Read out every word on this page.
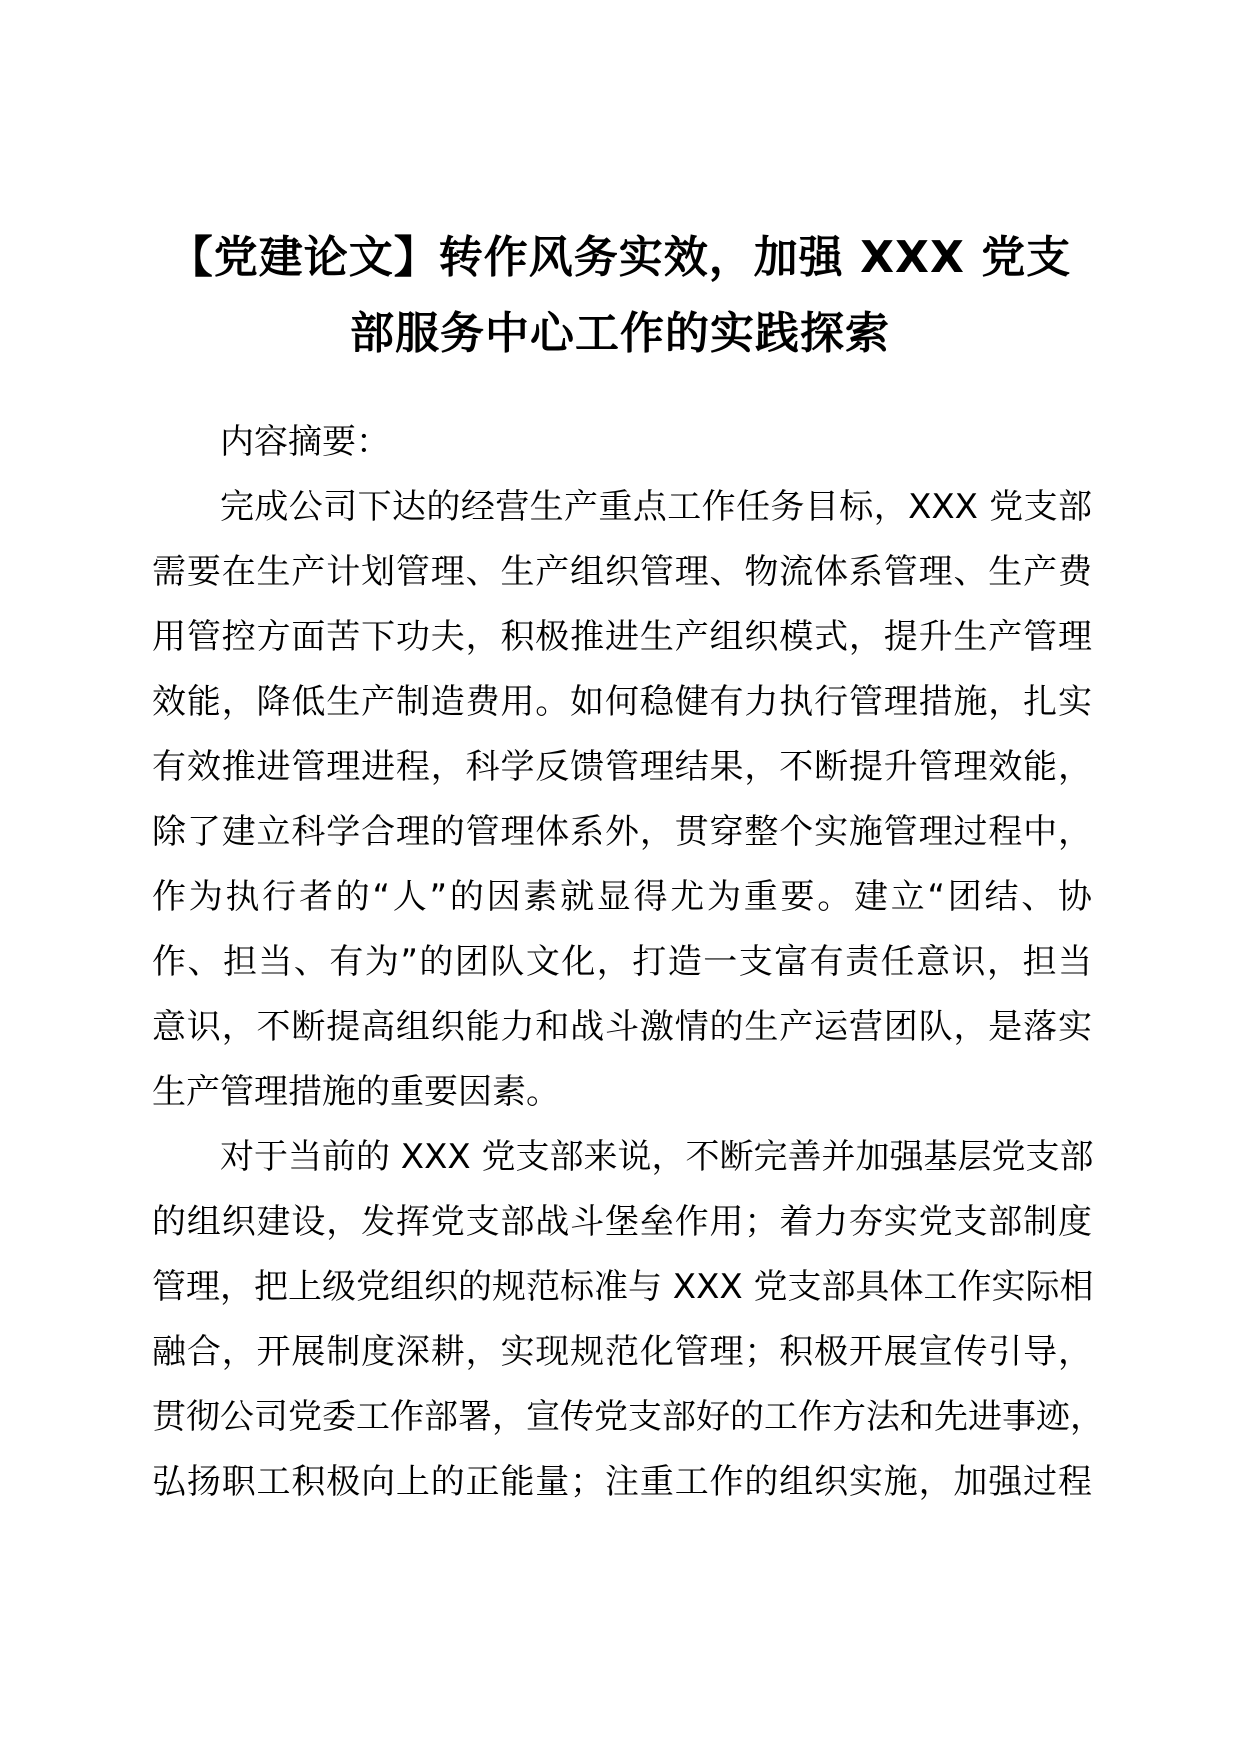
【党建论文】转作风务实效，加强 XXX 党支
部服务中心工作的实践探索
内容摘要：
完成公司下达的经营生产重点工作任务目标，XXX 党支部
需要在生产计划管理、生产组织管理、物流体系管理、生产费
用管控方面苦下功夫，积极推进生产组织模式，提升生产管理
效能，降低生产制造费用。如何稳健有力执行管理措施，扎实
有效推进管理进程，科学反馈管理结果，不断提升管理效能，
除了建立科学合理的管理体系外，贯穿整个实施管理过程中，
作为执行者的“人”的因素就显得尤为重要。建立“团结、协
作、担当、有为”的团队文化，打造一支富有责任意识，担当
意识，不断提高组织能力和战斗激情的生产运营团队，是落实
生产管理措施的重要因素。
对于当前的 XXX 党支部来说，不断完善并加强基层党支部
的组织建设，发挥党支部战斗堡垒作用；着力夯实党支部制度
管理，把上级党组织的规范标准与 XXX 党支部具体工作实际相
融合，开展制度深耕，实现规范化管理；积极开展宣传引导，
贯彻公司党委工作部署，宣传党支部好的工作方法和先进事迹，
弘扬职工积极向上的正能量；注重工作的组织实施，加强过程
